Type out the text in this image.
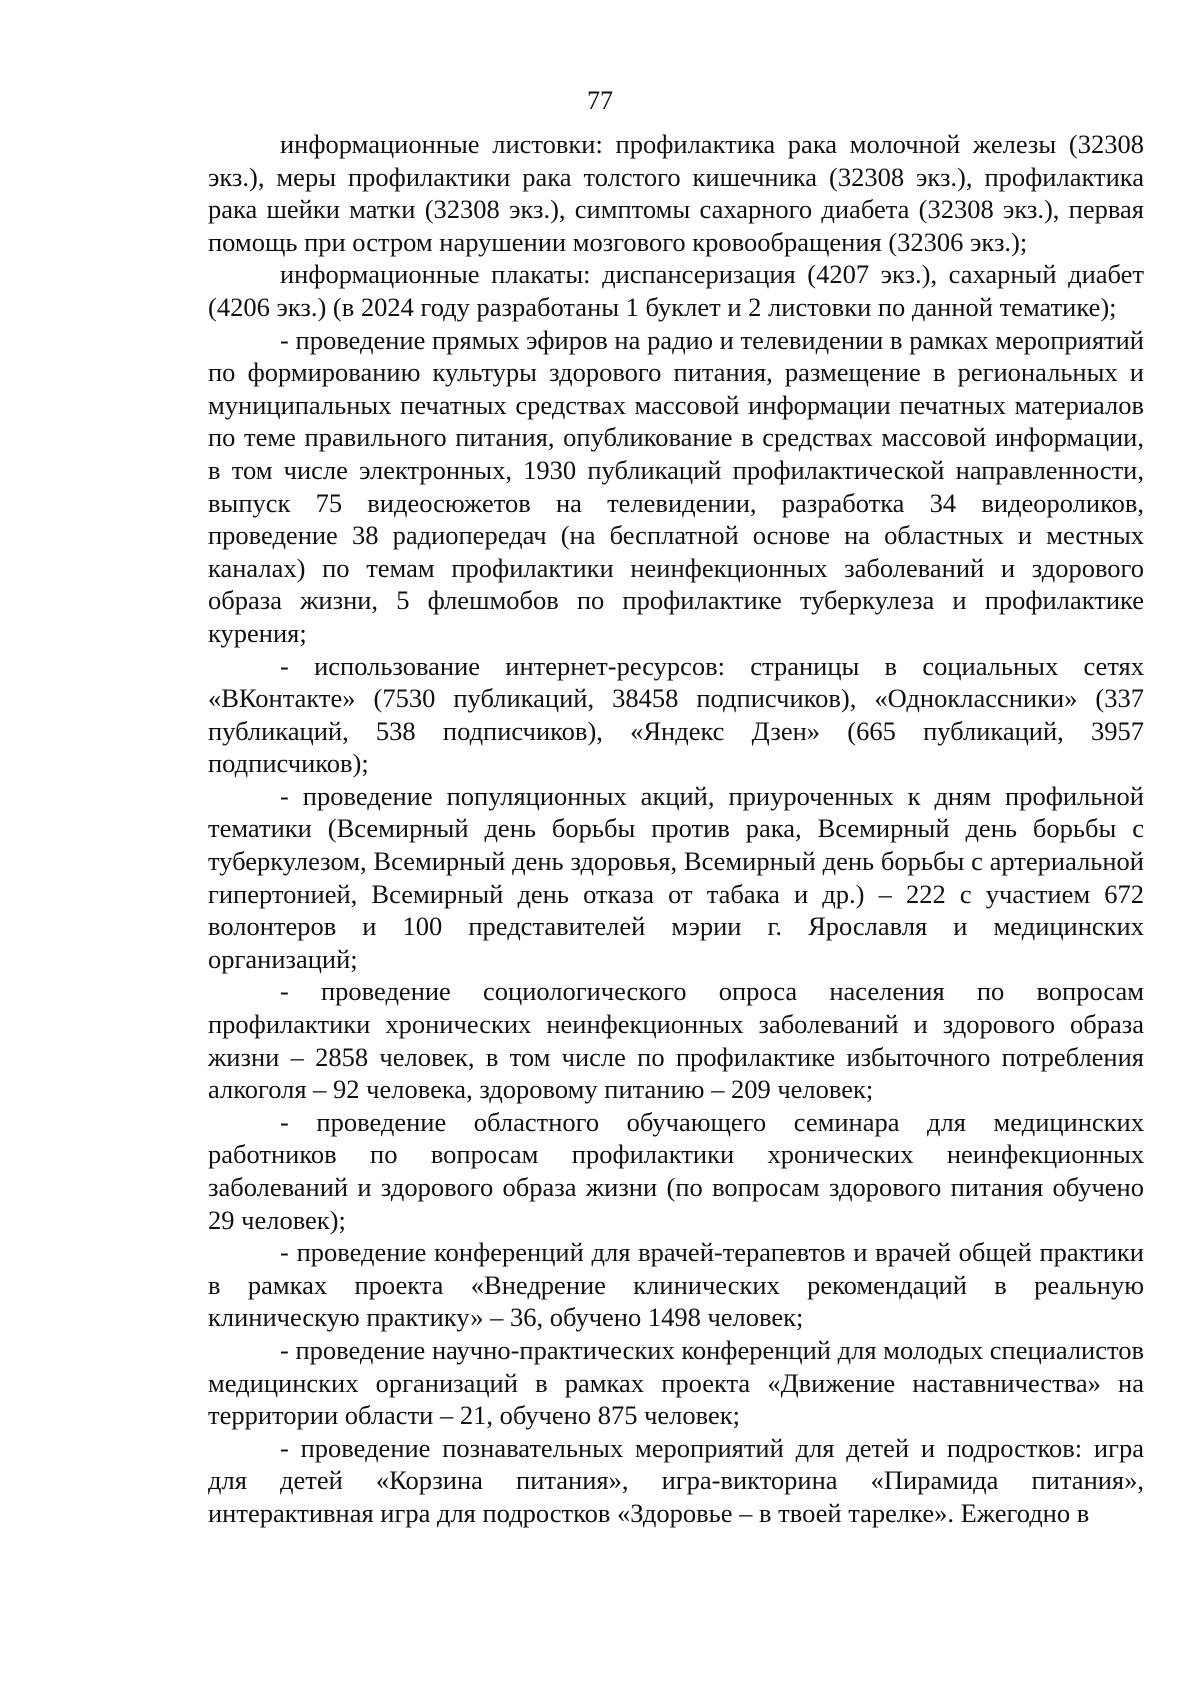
77

информационные листовки: профилактика рака молочной железы (32308 экз.), меры профилактики рака толстого кишечника (32308 экз.), профилактика рака шейки матки (32308 экз.), симптомы сахарного диабета (32308 экз.), первая помощь при остром нарушении мозгового кровообращения (32306 экз.);

информационные плакаты: диспансеризация (4207 экз.), сахарный диабет (4206 экз.) (в 2024 году разработаны 1 буклет и 2 листовки по данной тематике);

- проведение прямых эфиров на радио и телевидении в рамках мероприятий по формированию культуры здорового питания, размещение в региональных и муниципальных печатных средствах массовой информации печатных материалов по теме правильного питания, опубликование в средствах массовой информации, в том числе электронных, 1930 публикаций профилактической направленности, выпуск 75 видеосюжетов на телевидении, разработка 34 видеороликов, проведение 38 радиопередач (на бесплатной основе на областных и местных каналах) по темам профилактики неинфекционных заболеваний и здорового образа жизни, 5 флешмобов по профилактике туберкулеза и профилактике курения;

- использование интернет-ресурсов: страницы в социальных сетях «ВКонтакте» (7530 публикаций, 38458 подписчиков), «Одноклассники» (337 публикаций, 538 подписчиков), «Яндекс Дзен» (665 публикаций, 3957 подписчиков);

- проведение популяционных акций, приуроченных к дням профильной тематики (Всемирный день борьбы против рака, Всемирный день борьбы с туберкулезом, Всемирный день здоровья, Всемирный день борьбы с артериальной гипертонией, Всемирный день отказа от табака и др.) – 222 с участием 672 волонтеров и 100 представителей мэрии г. Ярославля и медицинских организаций;

- проведение социологического опроса населения по вопросам профилактики хронических неинфекционных заболеваний и здорового образа жизни – 2858 человек, в том числе по профилактике избыточного потребления алкоголя – 92 человека, здоровому питанию – 209 человек;

- проведение областного обучающего семинара для медицинских работников по вопросам профилактики хронических неинфекционных заболеваний и здорового образа жизни (по вопросам здорового питания обучено 29 человек);

- проведение конференций для врачей-терапевтов и врачей общей практики в рамках проекта «Внедрение клинических рекомендаций в реальную клиническую практику» – 36, обучено 1498 человек;

- проведение научно-практических конференций для молодых специалистов медицинских организаций в рамках проекта «Движение наставничества» на территории области – 21, обучено 875 человек;

- проведение познавательных мероприятий для детей и подростков: игра для детей «Корзина питания», игра-викторина «Пирамида питания», интерактивная игра для подростков «Здоровье – в твоей тарелке». Ежегодно в
